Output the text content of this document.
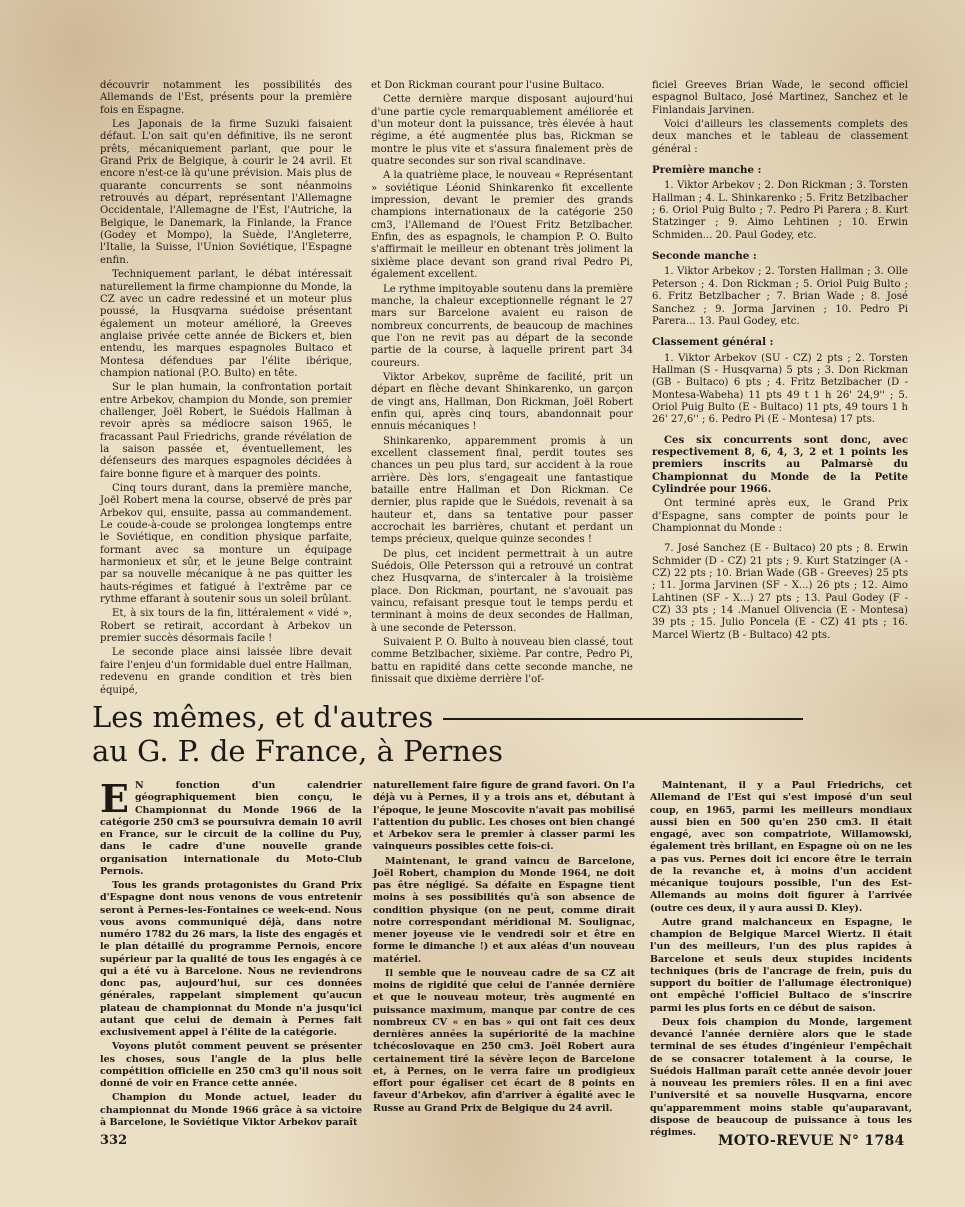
découvrir notamment les possibilités des Allemands de l'Est, présents pour la première fois en Espagne.

Les Japonais de la firme Suzuki faisaient défaut. L'on sait qu'en définitive, ils ne seront prêts, mécaniquement parlant, que pour le Grand Prix de Belgique, à courir le 24 avril. Et encore n'est-ce là qu'une prévision. Mais plus de quarante concurrents se sont néanmoins retrouvés au départ, représentant l'Allemagne Occidentale, l'Allemagne de l'Est, l'Autriche, la Belgique, le Danemark, la Finlande, la France (Godey et Mompo), la Suède, l'Angleterre, l'Italie, la Suisse, l'Union Soviétique, l'Espagne enfin.

Techniquement parlant, le débat intéressait naturellement la firme championne du Monde, la CZ avec un cadre redessiné et un moteur plus poussé, la Husqvarna suédoise présentant également un moteur amélioré, la Greeves anglaise privée cette année de Bickers et, bien entendu, les marques espagnoles Bultaco et Montesa défendues par l'élite ibérique, champion national (P.O. Bulto) en tête.

Sur le plan humain, la confrontation portait entre Arbekov, champion du Monde, son premier challenger, Joël Robert, le Suédois Hallman à revoir après sa médiocre saison 1965, le fracassant Paul Friedrichs, grande révélation de la saison passée et, éventuellement, les défenseurs des marques espagnoles décidées à faire bonne figure et à marquer des points.

Cinq tours durant, dans la première manche, Joël Robert mena la course, observé de près par Arbekov qui, ensuite, passa au commandement. Le coude-à-coude se prolongea longtemps entre le Soviétique, en condition physique parfaite, formant avec sa monture un équipage harmonieux et sûr, et le jeune Belge contraint par sa nouvelle mécanique à ne pas quitter les hauts-régimes et fatigué à l'extrême par ce rythme effarant à soutenir sous un soleil brûlant.

Et, à six tours de la fin, littéralement « vidé », Robert se retirait, accordant à Arbekov un premier succès désormais facile !

Le seconde place ainsi laissée libre devait faire l'enjeu d'un formidable duel entre Hallman, redevenu en grande condition et très bien équipé,

et Don Rickman courant pour l'usine Bultaco.

Cette dernière marque disposant aujourd'hui d'une partie cycle remarquablement améliorée et d'un moteur dont la puissance, très élevée à haut régime, a été augmentée plus bas, Rickman se montre le plus vite et s'assura finalement près de quatre secondes sur son rival scandinave.

A la quatrième place, le nouveau « Représentant » soviétique Léonid Shinkarenko fit excellente impression, devant le premier des grands champions internationaux de la catégorie 250 cm3, l'Allemand de l'Ouest Fritz Betzlbacher. Enfin, des as espagnols, le champion P. O. Bulto s'affirmait le meilleur en obtenant très joliment la sixième place devant son grand rival Pedro Pi, également excellent.

Le rythme impitoyable soutenu dans la première manche, la chaleur exceptionnelle régnant le 27 mars sur Barcelone avaient eu raison de nombreux concurrents, de beaucoup de machines que l'on ne revit pas au départ de la seconde partie de la course, à laquelle prirent part 34 coureurs.

Viktor Arbekov, suprême de facilité, prit un départ en flèche devant Shinkarenko, un garçon de vingt ans, Hallman, Don Rickman, Joël Robert enfin qui, après cinq tours, abandonnait pour ennuis mécaniques !

Shinkarenko, apparemment promis à un excellent classement final, perdit toutes ses chances un peu plus tard, sur accident à la roue arrière. Dès lors, s'engageait une fantastique bataille entre Hallman et Don Rickman. Ce dernier, plus rapide que le Suédois, revenait à sa hauteur et, dans sa tentative pour passer accrochait les barrières, chutant et perdant un temps précieux, quelque quinze secondes !

De plus, cet incident permettrait à un autre Suédois, Olle Petersson qui a retrouvé un contrat chez Husqvarna, de s'intercaler à la troisième place. Don Rickman, pourtant, ne s'avouait pas vaincu, refaisant presque tout le temps perdu et terminant à moins de deux secondes de Hallman, à une seconde de Petersson.

Suivaient P. O. Bulto à nouveau bien classé, tout comme Betzlbacher, sixième. Par contre, Pedro Pi, battu en rapidité dans cette seconde manche, ne finissait que dixième derrière l'of-

ficiel Greeves Brian Wade, le second officiel espagnol Bultaco, José Martinez, Sanchez et le Finlandais Jarvinen.

Voici d'ailleurs les classements complets des deux manches et le tableau de classement général :

Première manche :

1. Viktor Arbekov ; 2. Don Rickman ; 3. Torsten Hallman ; 4. L. Shinkarenko ; 5. Fritz Betzlbacher ; 6. Oriol Puig Bulto ; 7. Pedro Pi Parera ; 8. Kurt Statzinger ; 9. Aimo Lehtinen ; 10. Erwin Schmiden... 20. Paul Godey, etc.

Seconde manche :

1. Viktor Arbekov ; 2. Torsten Hallman ; 3. Olle Peterson ; 4. Don Rickman ; 5. Oriol Puig Bulto ; 6. Fritz Betzlbacher ; 7. Brian Wade ; 8. José Sanchez ; 9. Jorma Jarvinen ; 10. Pedro Pi Parera... 13. Paul Godey, etc.

Classement général :

1. Viktor Arbekov (SU - CZ) 2 pts ; 2. Torsten Hallman (S - Husqvarna) 5 pts ; 3. Don Rickman (GB - Bultaco) 6 pts ; 4. Fritz Betzlbacher (D - Montesa-Wabeha) 11 pts 49 t 1 h 26' 24,9'' ; 5. Oriol Puig Bulto (E - Bultaco) 11 pts, 49 tours 1 h 26' 27,6'' ; 6. Pedro Pi (E - Montesa) 17 pts.

Ces six concurrents sont donc, avec respectivement 8, 6, 4, 3, 2 et 1 points les premiers inscrits au Palmarsè du Championnat du Monde de la Petite Cylindrée pour 1966.

Ont terminé après eux, le Grand Prix d'Espagne, sans compter de points pour le Championnat du Monde :

7. José Sanchez (E - Bultaco) 20 pts ; 8. Erwin Schmider (D - CZ) 21 pts ; 9. Kurt Statzinger (A - CZ) 22 pts ; 10. Brian Wade (GB - Greeves) 25 pts ; 11. Jorma Jarvinen (SF - X...) 26 pts ; 12. Aimo Lahtinen (SF - X...) 27 pts ; 13. Paul Godey (F - CZ) 33 pts ; 14 .Manuel Olivencia (E - Montesa) 39 pts ; 15. Julio Poncela (E - CZ) 41 pts ; 16. Marcel Wiertz (B - Bultaco) 42 pts.

Les mêmes, et d'autres
au G. P. de France, à Pernes

E N fonction d'un calendrier géographiquement bien conçu, le Championnat du Monde 1966 de la catégorie 250 cm3 se poursuivra demain 10 avril en France, sur le circuit de la colline du Puy, dans le cadre d'une nouvelle grande organisation internationale du Moto-Club Pernois.

Tous les grands protagonistes du Grand Prix d'Espagne dont nous venons de vous entretenir seront à Pernes-les-Fontaines ce week-end. Nous vous avons communiqué déjà, dans notre numéro 1782 du 26 mars, la liste des engagés et le plan détaillé du programme Pernois, encore supérieur par la qualité de tous les engagés à ce qui a été vu à Barcelone. Nous ne reviendrons donc pas, aujourd'hui, sur ces données générales, rappelant simplement qu'aucun plateau de championnat du Monde n'a jusqu'ici autant que celui de demain à Pernes fait exclusivement appel à l'élite de la catégorie.

Voyons plutôt comment peuvent se présenter les choses, sous l'angle de la plus belle compétition officielle en 250 cm3 qu'il nous soit donné de voir en France cette année.

Champion du Monde actuel, leader du championnat du Monde 1966 grâce à sa victoire à Barcelone, le Soviétique Viktor Arbekov paraît

naturellement faire figure de grand favori. On l'a déjà vu à Pernes, il y a trois ans et, débutant à l'époque, le jeune Moscovite n'avait pas mobilisé l'attention du public. Les choses ont bien changé et Arbekov sera le premier à classer parmi les vainqueurs possibles cette fois-ci.

Maintenant, le grand vaincu de Barcelone, Joël Robert, champion du Monde 1964, ne doit pas être négligé. Sa défaite en Espagne tient moins à ses possibilités qu'à son absence de condition physique (on ne peut, comme dirait notre correspondant méridional M. Soulignac, mener joyeuse vie le vendredi soir et être en forme le dimanche !) et aux aléas d'un nouveau matériel.

Il semble que le nouveau cadre de sa CZ ait moins de rigidité que celui de l'année dernière et que le nouveau moteur, très augmenté en puissance maximum, manque par contre de ces nombreux CV « en bas » qui ont fait ces deux dernières années la supériorité de la machine tchécoslovaque en 250 cm3. Joël Robert aura certainement tiré la sévère leçon de Barcelone et, à Pernes, on le verra faire un prodigieux effort pour égaliser cet écart de 8 points en faveur d'Arbekov, afin d'arriver à égalité avec le Russe au Grand Prix de Belgique du 24 avril.

Maintenant, il y a Paul Friedrichs, cet Allemand de l'Est qui s'est imposé d'un seul coup, en 1965, parmi les meilleurs mondiaux aussi bien en 500 qu'en 250 cm3. Il était engagé, avec son compatriote, Willamowski, également très brillant, en Espagne où on ne les a pas vus. Pernes doit ici encore être le terrain de la revanche et, à moins d'un accident mécanique toujours possible, l'un des Est-Allemands au moins doit figurer à l'arrivée (outre ces deux, il y aura aussi D. Kley).

Autre grand malchanceux en Espagne, le champion de Belgique Marcel Wiertz. Il était l'un des meilleurs, l'un des plus rapides à Barcelone et seuls deux stupides incidents techniques (bris de l'ancrage de frein, puis du support du boîtier de l'allumage électronique) ont empêché l'officiel Bultaco de s'inscrire parmi les plus forts en ce début de saison.

Deux fois champion du Monde, largement devancé l'année dernière alors que le stade terminal de ses études d'ingénieur l'empêchait de se consacrer totalement à la course, le Suédois Hallman paraît cette année devoir jouer à nouveau les premiers rôles. Il en a fini avec l'université et sa nouvelle Husqvarna, encore qu'apparemment moins stable qu'auparavant, dispose de beaucoup de puissance à tous les régimes.

332	MOTO-REVUE N° 1784
